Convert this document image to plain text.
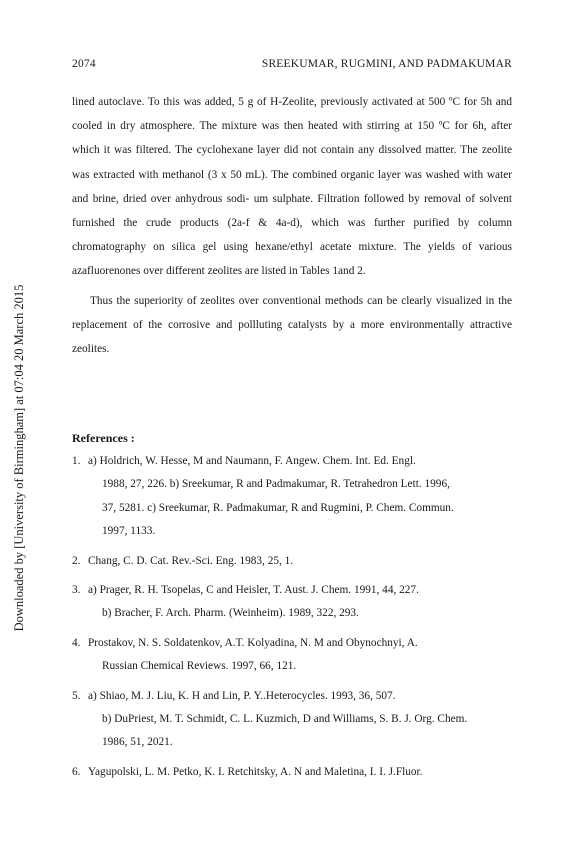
2074	SREEKUMAR, RUGMINI, AND PADMAKUMAR
Downloaded by [University of Birmingham] at 07:04 20 March 2015

lined autoclave. To this was added, 5 g of H-Zeolite, previously activated at 500 ºC for 5h and cooled in dry atmosphere. The mixture was then heated with stirring at 150 ºC for 6h, after which it was filtered. The cyclohexane layer did not contain any dissolved matter. The zeolite was extracted with methanol (3 x 50 mL). The combined organic layer was washed with water and brine, dried over anhydrous sodi- um sulphate. Filtration followed by removal of solvent furnished the crude products (2a-f & 4a-d), which was further purified by column chromatography on silica gel using hexane/ethyl acetate mixture. The yields of various azafluorenones over different zeolites are listed in Tables 1and 2.

Thus the superiority of zeolites over conventional methods can be clearly visualized in the replacement of the corrosive and pollluting catalysts by a more environmentally attractive zeolites.

References :
1. a) Holdrich, W. Hesse, M and Naumann, F. Angew. Chem. Int. Ed. Engl.
1988, 27, 226. b) Sreekumar, R and Padmakumar, R. Tetrahedron Lett. 1996,
37, 5281. c) Sreekumar, R. Padmakumar, R and Rugmini, P. Chem. Commun.
1997, 1133.
2. Chang, C. D. Cat. Rev.-Sci. Eng. 1983, 25, 1.
3. a) Prager, R. H. Tsopelas, C and Heisler, T. Aust. J. Chem. 1991, 44, 227.
b) Bracher, F. Arch. Pharm. (Weinheim). 1989, 322, 293.
4. Prostakov, N. S. Soldatenkov, A.T. Kolyadina, N. M and Obynochnyi, A.
Russian Chemical Reviews. 1997, 66, 121.
5. a) Shiao, M. J. Liu, K. H and Lin, P. Y..Heterocycles. 1993, 36, 507.
b) DuPriest, M. T. Schmidt, C. L. Kuzmich, D and Williams, S. B. J. Org. Chem.
1986, 51, 2021.
6. Yagupolski, L. M. Petko, K. I. Retchitsky, A. N and Maletina, I. I. J.Fluor.
